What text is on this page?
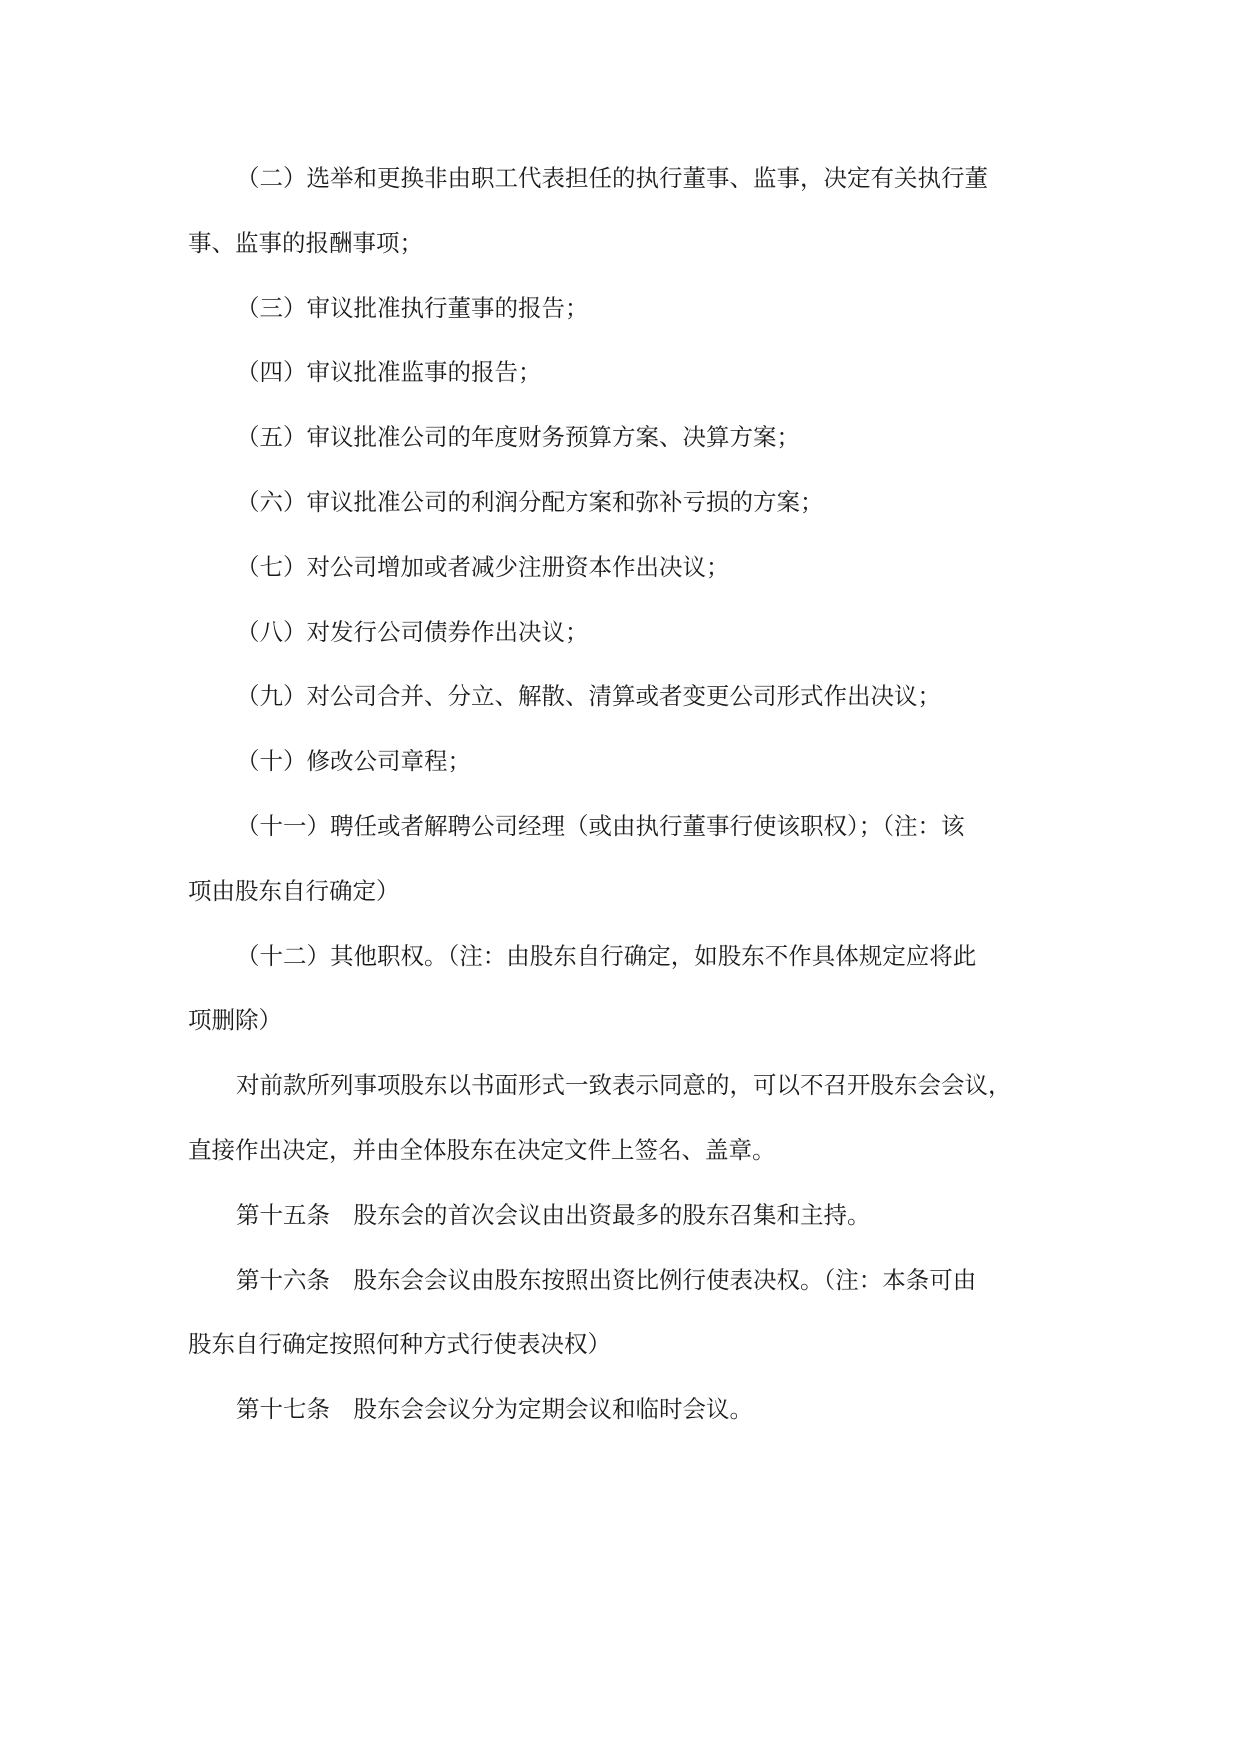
（二）选举和更换非由职工代表担任的执行董事、监事，决定有关执行董

事、监事的报酬事项；

（三）审议批准执行董事的报告；

（四）审议批准监事的报告；

（五）审议批准公司的年度财务预算方案、决算方案；

（六）审议批准公司的利润分配方案和弥补亏损的方案；

（七）对公司增加或者减少注册资本作出决议；

（八）对发行公司债券作出决议；

（九）对公司合并、分立、解散、清算或者变更公司形式作出决议；

（十）修改公司章程；

（十一）聘任或者解聘公司经理（或由执行董事行使该职权）；（注：该

项由股东自行确定）

（十二）其他职权。（注：由股东自行确定，如股东不作具体规定应将此

项删除）

对前款所列事项股东以书面形式一致表示同意的，可以不召开股东会会议，

直接作出决定，并由全体股东在决定文件上签名、盖章。

第十五条　股东会的首次会议由出资最多的股东召集和主持。

第十六条　股东会会议由股东按照出资比例行使表决权。（注：本条可由

股东自行确定按照何种方式行使表决权）

第十七条　股东会会议分为定期会议和临时会议。
